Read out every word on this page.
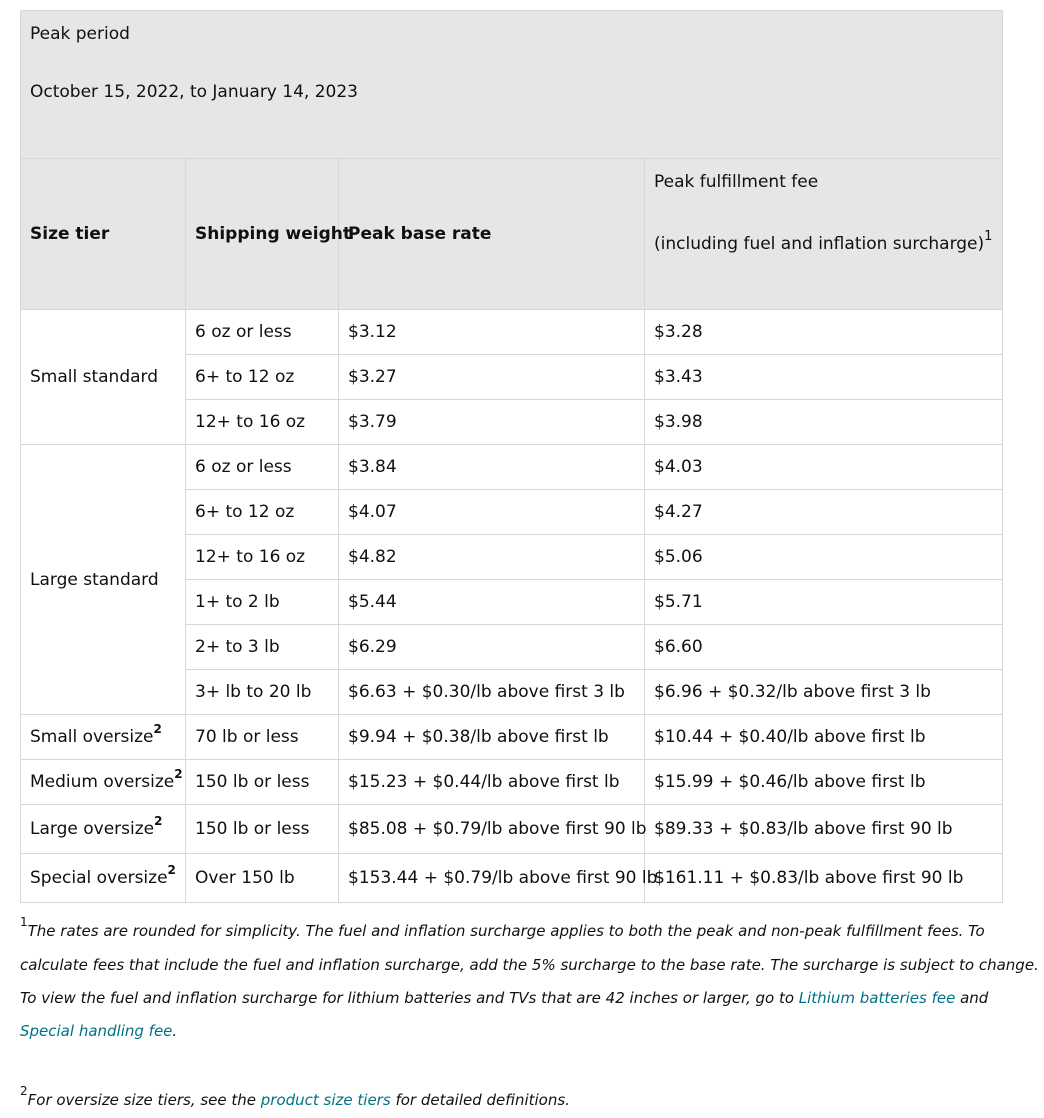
Peak period
October 15, 2022, to January 14, 2023			

Size tier	Shipping weight	Peak base rate	Peak fulfillment fee
(including fuel and inflation surcharge)$^1$
Small standard	6 oz or less	$3.12	$3.28
	6+ to 12 oz	$3.27	$3.43
	12+ to 16 oz	$3.79	$3.98
Large standard	6 oz or less	$3.84	$4.03
	6+ to 12 oz	$4.07	$4.27
	12+ to 16 oz	$4.82	$5.06
	1+ to 2 lb	$5.44	$5.71
	2+ to 3 lb	$6.29	$6.60
	3+ lb to 20 lb	$6.63 + $0.30/lb above first 3 lb	$6.96 + $0.32/lb above first 3 lb
Small oversize$^2$	70 lb or less	$9.94 + $0.38/lb above first lb	$10.44 + $0.40/lb above first lb
Medium oversize$^2$	150 lb or less	$15.23 + $0.44/lb above first lb	$15.99 + $0.46/lb above first lb
Large oversize$^2$	150 lb or less	$85.08 + $0.79/lb above first 90 lb	$89.33 + $0.83/lb above first 90 lb
Special oversize$^2$	Over 150 lb	$153.44 + $0.79/lb above first 90 lb	$161.11 + $0.83/lb above first 90 lb
$^1$The rates are rounded for simplicity. The fuel and inflation surcharge applies to both the peak and non-peak fulfillment fees. To calculate fees that include the fuel and inflation surcharge, add the 5% surcharge to the base rate. The surcharge is subject to change. To view the fuel and inflation surcharge for lithium batteries and TVs that are 42 inches or larger, go to Lithium batteries fee and Special handling fee.
$^2$For oversize size tiers, see the product size tiers for detailed definitions.
